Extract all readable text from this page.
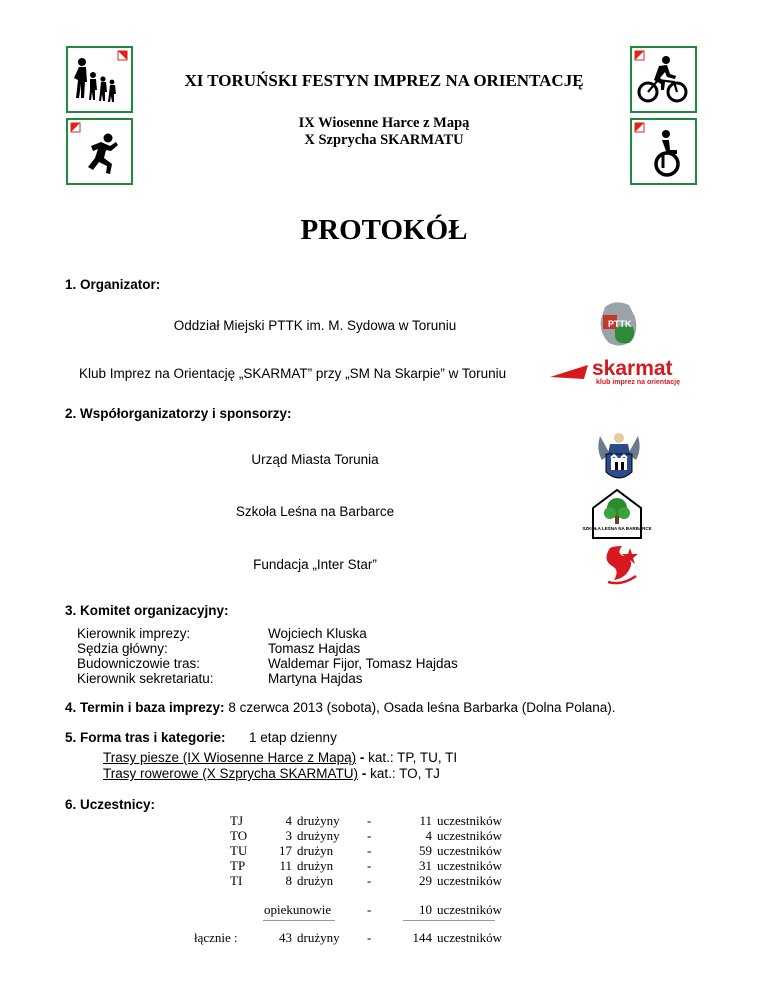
XI TORUŃSKI FESTYN IMPREZ NA ORIENTACJĘ
IX Wiosenne Harce z Mapą
X Szprycha SKARMATU
PROTOKÓŁ
1. Organizator:
Oddział Miejski PTTK im. M. Sydowa w Toruniu
Klub Imprez na Orientację „SKARMAT” przy „SM Na Skarpie” w Toruniu
PTTK
skarmat
klub imprez na orientację
2. Współorganizatorzy i sponsorzy:
Urząd Miasta Torunia
Szkoła Leśna na Barbarce
Fundacja „Inter Star”
SZKOŁA LEŚNA NA BARBARCE
3. Komitet organizacyjny:
Kierownik imprezy:	Wojciech Kluska
Sędzia główny:	Tomasz Hajdas
Budowniczowie tras:	Waldemar Fijor, Tomasz Hajdas
Kierownik sekretariatu:	Martyna Hajdas
4. Termin i baza imprezy: 8 czerwca 2013 (sobota), Osada leśna Barbarka (Dolna Polana).
5. Forma tras i kategorie: 1 etap dzienny
Trasy piesze (IX Wiosenne Harce z Mapą) - kat.: TP, TU, TI
Trasy rowerowe (X Szprycha SKARMATU) - kat.: TO, TJ
6. Uczestnicy:
TJ	4 drużyny -	11 uczestników
TO	3 drużyny -	4 uczestników
TU	17 drużyn	-	59 uczestników
TP	11 drużyn	-	31 uczestników
TI	8 drużyn	-	29 uczestników
opiekunowie	-	10 uczestników
łącznie :	43 drużyny -	144 uczestników
